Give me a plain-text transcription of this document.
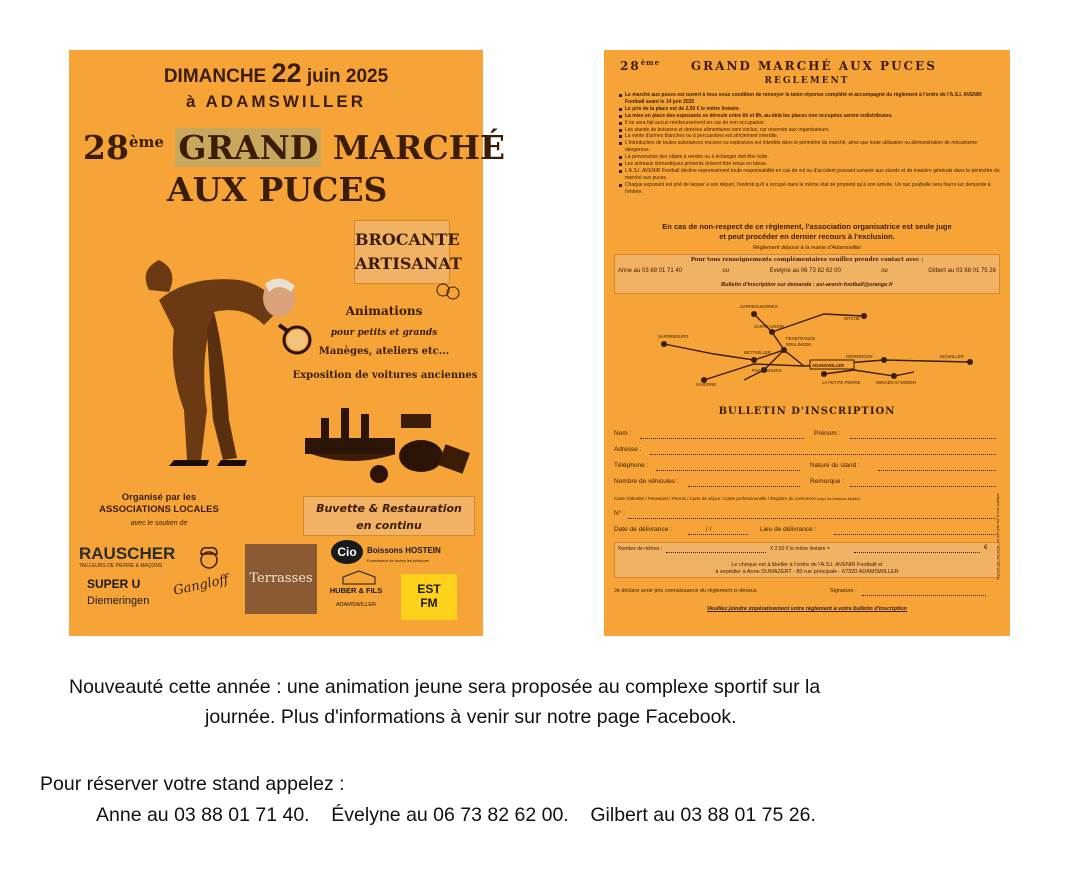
DIMANCHE 22 juin 2025
à ADAMSWILLER
28ème GRAND MARCHÉ
AUX PUCES
BROCANTE
ARTISANAT
Animations
pour petits et grands
Manèges, ateliers etc...
Exposition de voitures anciennes
Organisé par les
ASSOCIATIONS LOCALES
avec le soutien de
Buvette & Restauration
en continu
RAUSCHER
TAILLEURS DE PIERRE & MAÇONS
SUPER U
Diemeringen
Gangloff	Terrasses
Cio	Boissons HOSTEIN
Fournisseur de toutes les boissons
HUBER & FILS
ADAMSWILLER
EST
FM
28ème	GRAND MARCHÉ AUX PUCES
REGLEMENT
Le marché aux puces est ouvert à tous sous condition de renvoyer le talon réponse complété et accompagné du règlement à l'ordre de l'A.S.I. AVENIR Football avant le 14 juin 2025
Le prix de la place est de 2,50 € le mètre linéaire
La mise en place des exposants se déroule entre 6h et 8h, au-delà les places non occupées seront redistribuées.
Il ne sera fait aucun remboursement en cas de non occupation.
Les stands de boissons et denrées alimentaires sont exclus, car réservés aux organisateurs.
La vente d'armes blanches ou à percussions est strictement interdite.
L'introduction de toutes substances nocives ou explosives est interdite dans le périmètre du marché, ainsi que toute utilisation ou démonstration de mécanisme dangereux.
La provenance des objets à vendre ou à échanger doit être licite.
Les animaux domestiques présents doivent être tenus en laisse.
L'A.S.I. AVENIR Football décline expressément toute responsabilité en cas de vol ou d'accident pouvant survenir aux stands et de manière générale dans le périmètre du marché aux puces.
Chaque exposant est prié de laisser à son départ, l'endroit qu'il a occupé dans le même état de propreté qu'à son arrivée. Un sac poubelle sera fourni sur demande à l'entrée.
En cas de non-respect de ce règlement, l'association organisatrice est seule juge
et peut procéder en dernier recours à l'exclusion.
Règlement déposé à la mairie d'Adamswiller
Pour tous renseignements complémentaires veuillez prendre contact avec :
Anne au 03 88 01 71 40	ou	Evelyne au 06 73 82 62 00	ou	Gilbert au 03 88 01 75 26
Bulletin d'inscription sur demande : asi-avenir-football@orange.fr
SARREGUEMINES
BITCHE
SARRE-UNION
SARREBOURG	FENETRANGE
DRULINGEN
BETTWILLER
OERMINGEN	INGWILLER
PHALSBOURG
ADAMSWILLER
SAVERNE	LA PETITE PIERRE	WINGEN S/ MODER
BULLETIN D'INSCRIPTION
Nom :	Prénom :
Adresse :
Téléphone :	Nature du stand :
Nombre de véhicules :	Remorque :
Carte d'identité / Passeport / Permis / Carte de séjour / Carte professionnelle / Registre du commerce (rayer les mentions inutiles)
N° :
Date de délivrance :	/ /	Lieu de délivrance :
Nombre de mètres :	X 2,50 € le mètre linéaire =	€
Le chèque est à libeller à l'ordre de l'A.S.I. AVENIR Football et
à expédier à Anne DUMAZERT - 80 rue principale - 67320 ADAMSWILLER
Je déclare avoir pris connaissance du règlement ci-dessus	Signature :
Veuillez joindre impérativement votre règlement à votre bulletin d'inscription
Imprimé par nos soins - ne pas jeter sur la voie publique
Nouveauté cette année : une animation jeune sera proposée au complexe sportif sur la
journée. Plus d'informations à venir sur notre page Facebook.
Pour réserver votre stand appelez :
Anne au 03 88 01 71 40.    Évelyne au 06 73 82 62 00.    Gilbert au 03 88 01 75 26.
